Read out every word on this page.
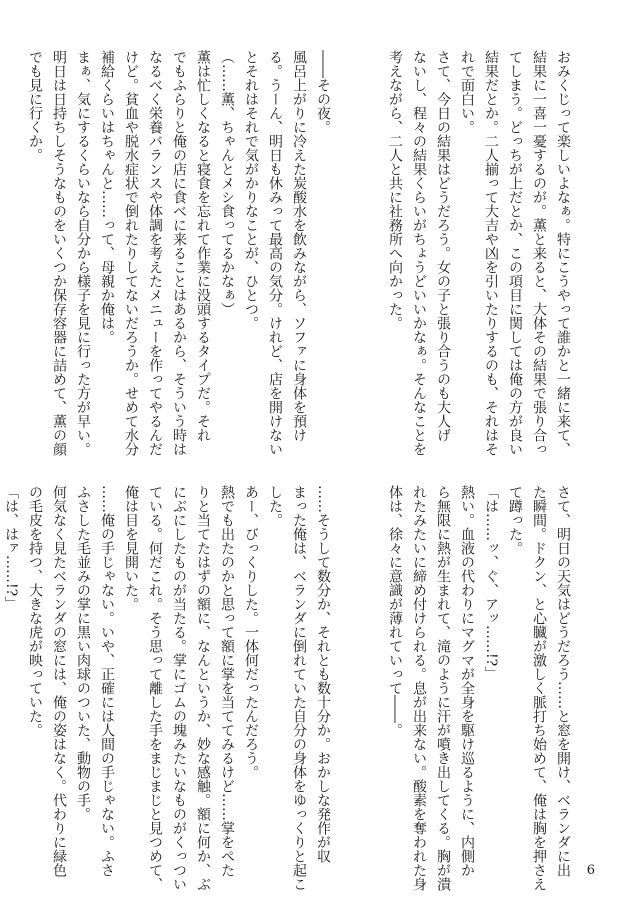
おみくじって楽しいよなぁ。特にこうやって誰かと一緒に来て、
結果に一喜一憂するのが。薫と来ると、大体その結果で張り合っ
てしまう。どっちが上だとか、この項目に関しては俺の方が良い
結果だとか。二人揃って大吉や凶を引いたりするのも、それはそ
れで面白い。
さて、今日の結果はどうだろう。女の子と張り合うのも大人げ
ないし、程々の結果くらいがちょうどいいかなぁ。そんなことを
考えながら、二人と共に社務所へ向かった。

――その夜。
風呂上がりに冷えた炭酸水を飲みながら、ソファに身体を預け
る。うーん、明日も休みって最高の気分。けれど、店を開けない
とそれはそれで気がかりなことが、ひとつ。
（……薫、ちゃんとメシ食ってるかなぁ）
薫は忙しくなると寝食を忘れて作業に没頭するタイプだ。それ
でもふらりと俺の店に食べに来ることはあるから、そういう時は
なるべく栄養バランスや体調を考えたメニューを作ってやるんだ
けど。貧血や脱水症状で倒れたりしてないだろうか。せめて水分
補給くらいはちゃんと……って、母親か俺は。
まぁ、気にするくらいなら自分から様子を見に行った方が早い。
明日は日持ちしそうなものをいくつか保存容器に詰めて、薫の顔
でも見に行くか。
さて、明日の天気はどうだろう……と窓を開け、ベランダに出
た瞬間。ドクン、と心臓が激しく脈打ち始めて、俺は胸を押さえ
て蹲った。
「は……ッ、ぐ、アッ……!?」
熱い。血液の代わりにマグマが全身を駆け巡るように、内側か
ら無限に熱が生まれて、滝のように汗が噴き出してくる。胸が潰
れたみたいに締め付けられる。息が出来ない。酸素を奪われた身
体は、徐々に意識が薄れていって――。

……そうして数分か、それとも数十分か。おかしな発作が収
まった俺は、ベランダに倒れていた自分の身体をゆっくりと起こ
した。
あー、びっくりした。一体何だったんだろう。
熱でも出たのかと思って額に掌を当ててみるけど……掌をぺた
りと当てたはずの額に、なんというか、妙な感触。額に何か、ぶ
にぶにしたものが当たる。掌にゴムの塊みたいなものがくっつい
ている。何だこれ。そう思って離した手をまじまじと見つめて、
俺は目を見開いた。
……俺の手じゃない。いや、正確には人間の手じゃない。ふさ
ふさした毛並みの掌に黒い肉球のついた、動物の手。
何気なく見たベランダの窓には、俺の姿はなく。代わりに緑色
の毛皮を持つ、大きな虎が映っていた。
「は、はァ……!?」
6
